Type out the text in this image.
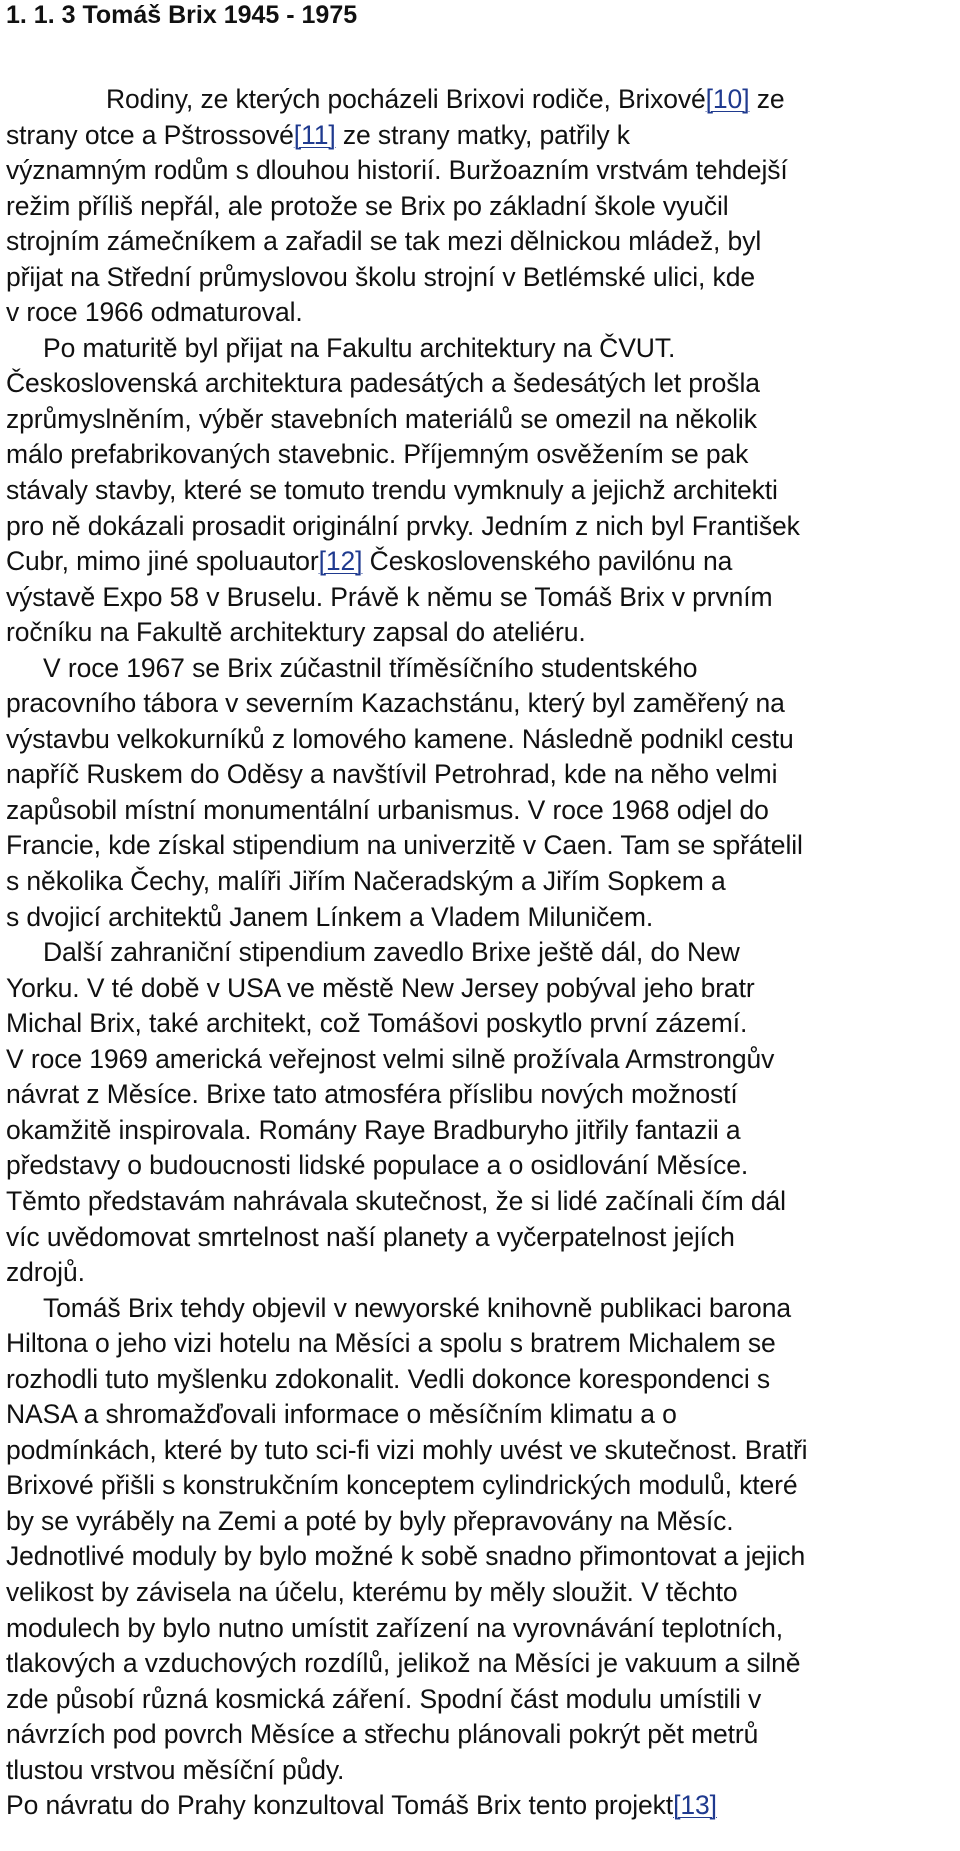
1. 1. 3 Tomáš Brix 1945 - 1975
Rodiny, ze kterých pocházeli Brixovi rodiče, Brixové[10] ze
strany otce a Pštrossové[11] ze strany matky, patřily k
významným rodům s dlouhou historií. Buržoazním vrstvám tehdejší
režim příliš nepřál, ale protože se Brix po základní škole vyučil
strojním zámečníkem a zařadil se tak mezi dělnickou mládež, byl
přijat na Střední průmyslovou školu strojní v Betlémské ulici, kde
v roce 1966 odmaturoval.
Po maturitě byl přijat na Fakultu architektury na ČVUT.
Československá architektura padesátých a šedesátých let prošla
zprůmyslněním, výběr stavebních materiálů se omezil na několik
málo prefabrikovaných stavebnic. Příjemným osvěžením se pak
stávaly stavby, které se tomuto trendu vymknuly a jejichž architekti
pro ně dokázali prosadit originální prvky. Jedním z nich byl František
Cubr, mimo jiné spoluautor[12] Československého pavilónu na
výstavě Expo 58 v Bruselu. Právě k němu se Tomáš Brix v prvním
ročníku na Fakultě architektury zapsal do ateliéru.
V roce 1967 se Brix zúčastnil tříměsíčního studentského
pracovního tábora v severním Kazachstánu, který byl zaměřený na
výstavbu velkokurníků z lomového kamene. Následně podnikl cestu
napříč Ruskem do Oděsy a navštívil Petrohrad, kde na něho velmi
zapůsobil místní monumentální urbanismus. V roce 1968 odjel do
Francie, kde získal stipendium na univerzitě v Caen. Tam se spřátelil
s několika Čechy, malíři Jiřím Načeradským a Jiřím Sopkem a
s dvojicí architektů Janem Línkem a Vladem Miluničem.
Další zahraniční stipendium zavedlo Brixe ještě dál, do New
Yorku. V té době v USA ve městě New Jersey pobýval jeho bratr
Michal Brix, také architekt, což Tomášovi poskytlo první zázemí.
V roce 1969 americká veřejnost velmi silně prožívala Armstrongův
návrat z Měsíce. Brixe tato atmosféra příslibu nových možností
okamžitě inspirovala. Romány Raye Bradburyho jitřily fantazii a
představy o budoucnosti lidské populace a o osidlování Měsíce.
Těmto představám nahrávala skutečnost, že si lidé začínali čím dál
víc uvědomovat smrtelnost naší planety a vyčerpatelnost jejích
zdrojů.
Tomáš Brix tehdy objevil v newyorské knihovně publikaci barona
Hiltona o jeho vizi hotelu na Měsíci a spolu s bratrem Michalem se
rozhodli tuto myšlenku zdokonalit. Vedli dokonce korespondenci s
NASA a shromažďovali informace o měsíčním klimatu a o
podmínkách, které by tuto sci-fi vizi mohly uvést ve skutečnost. Bratři
Brixové přišli s konstrukčním konceptem cylindrických modulů, které
by se vyráběly na Zemi a poté by byly přepravovány na Měsíc.
Jednotlivé moduly by bylo možné k sobě snadno přimontovat a jejich
velikost by závisela na účelu, kterému by měly sloužit. V těchto
modulech by bylo nutno umístit zařízení na vyrovnávání teplotních,
tlakových a vzduchových rozdílů, jelikož na Měsíci je vakuum a silně
zde působí různá kosmická záření. Spodní část modulu umístili v
návrzích pod povrch Měsíce a střechu plánovali pokrýt pět metrů
tlustou vrstvou měsíční půdy.
Po návratu do Prahy konzultoval Tomáš Brix tento projekt[13]
